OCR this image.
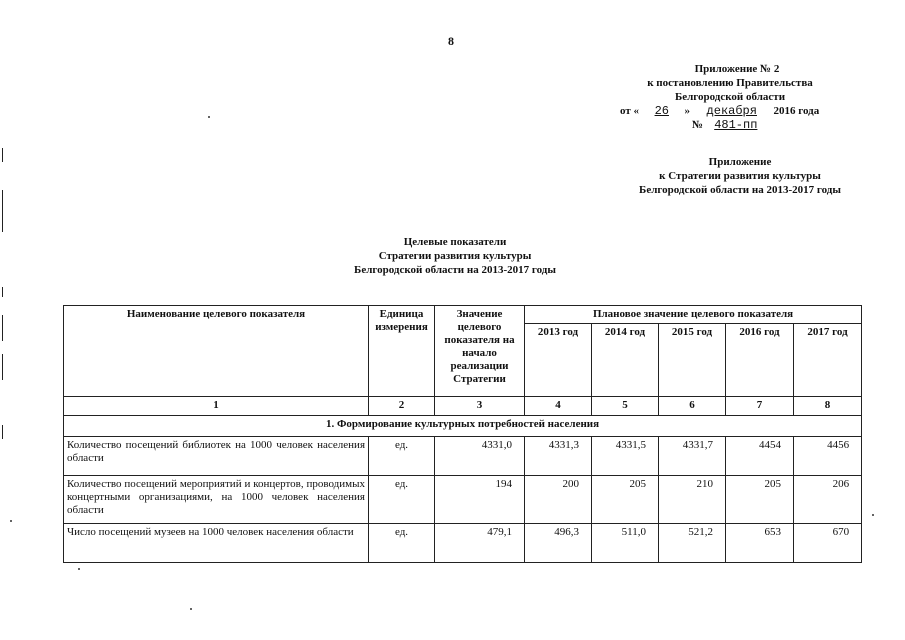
8
Приложение № 2
к постановлению Правительства
Белгородской области
от « 26 » декабря 2016 года
№ 481-пп
Приложение
к Стратегии развития культуры
Белгородской области на 2013-2017 годы
Целевые показатели
Стратегии развития культуры
Белгородской области на 2013-2017 годы
Наименование целевого показателя	Единица измерения	Значение целевого показателя на начало реализации Стратегии	Плановое значение целевого показателя				
			2013 год	2014 год	2015 год	2016 год	2017 год
1	2	3	4	5	6	7	8
1. Формирование культурных потребностей населения							
Количество посещений библиотек на 1000 человек населения области	ед.	4331,0	4331,3	4331,5	4331,7	4454	4456
Количество посещений мероприятий и концертов, проводимых концертными организациями, на 1000 человек населения области	ед.	194	200	205	210	205	206
Число посещений музеев на 1000 человек населения области	ед.	479,1	496,3	511,0	521,2	653	670
